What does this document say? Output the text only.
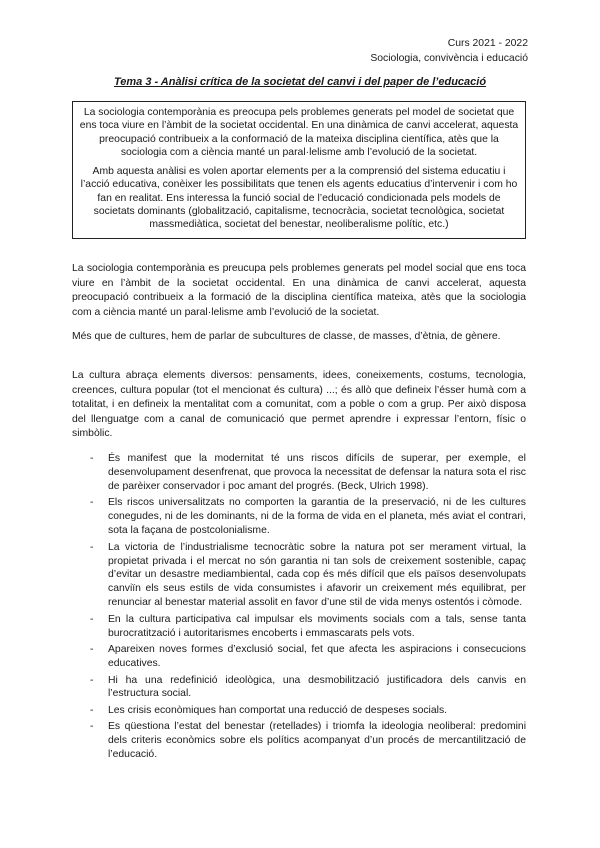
Curs 2021 - 2022
Sociologia, convivència i educació
Tema 3 - Anàlisi crítica de la societat del canvi i del paper de l’educació

La sociologia contemporània es preocupa pels problemes generats pel model de societat que ens toca viure en l’àmbit de la societat occidental. En una dinàmica de canvi accelerat, aquesta preocupació contribueix a la conformació de la mateixa disciplina científica, atès que la sociologia com a ciència manté un paral·lelisme amb l’evolució de la societat.

Amb aquesta anàlisi es volen aportar elements per a la comprensió del sistema educatiu i l’acció educativa, conèixer les possibilitats que tenen els agents educatius d’intervenir i com ho fan en realitat. Ens interessa la funció social de l’educació condicionada pels models de societats dominants (globalització, capitalisme, tecnocràcia, societat tecnològica, societat massmediàtica, societat del benestar, neoliberalisme polític, etc.)

La sociologia contemporània es preucupa pels problemes generats pel model social que ens toca viure en l’àmbit de la societat occidental. En una dinàmica de canvi accelerat, aquesta preocupació contribueix a la formació de la disciplina científica mateixa, atès que la sociologia com a ciència manté un paral·lelisme amb l’evolució de la societat.

Més que de cultures, hem de parlar de subcultures de classe, de masses, d’ètnia, de gènere.

La cultura abraça elements diversos: pensaments, idees, coneixements, costums, tecnologia, creences, cultura popular (tot el mencionat és cultura) ...; és allò que defineix l’ésser humà com a totalitat, i en defineix la mentalitat com a comunitat, com a poble o com a grup. Per això disposa del llenguatge com a canal de comunicació que permet aprendre i expressar l’entorn, físic o simbòlic.

- És manifest que la modernitat té uns riscos difícils de superar, per exemple, el desenvolupament desenfrenat, que provoca la necessitat de defensar la natura sota el risc de parèixer conservador i poc amant del progrés. (Beck, Ulrich 1998).
- Els riscos universalitzats no comporten la garantia de la preservació, ni de les cultures conegudes, ni de les dominants, ni de la forma de vida en el planeta, més aviat el contrari, sota la façana de postcolonialisme.
- La victoria de l’industrialisme tecnocràtic sobre la natura pot ser merament virtual, la propietat privada i el mercat no són garantia ni tan sols de creixement sostenible, capaç d’evitar un desastre mediambiental, cada cop és més difícil que els països desenvolupats canviïn els seus estils de vida consumistes i afavorir un creixement més equilibrat, per renunciar al benestar material assolit en favor d’une stil de vida menys ostentós i còmode.
- En la cultura participativa cal impulsar els moviments socials com a tals, sense tanta burocratització i autoritarismes encoberts i emmascarats pels vots.
- Apareixen noves formes d’exclusió social, fet que afecta les aspiracions i consecucions educatives.
- Hi ha una redefinició ideològica, una desmobilització justificadora dels canvis en l’estructura social.
- Les crisis econòmiques han comportat una reducció de despeses socials.
- Es qüestiona l’estat del benestar (retellades) i triomfa la ideologia neoliberal: predomini dels criteris econòmics sobre els polítics acompanyat d’un procés de mercantilització de l’educació.
